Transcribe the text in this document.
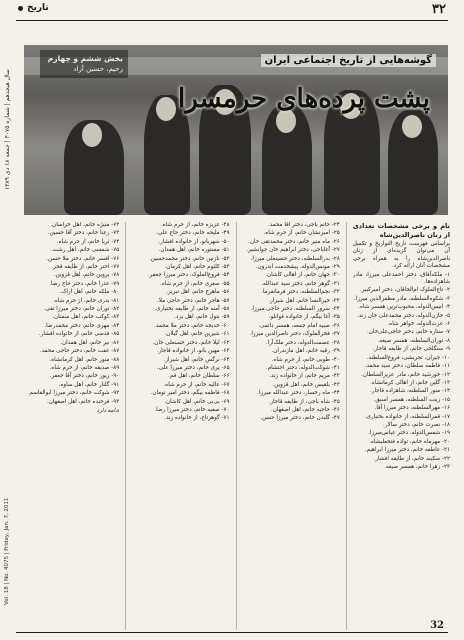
تاریخ	۳۲
سال هیجدهم | شماره ۴۰۷۵ | جمعه ۱۸ دی ۱۳۸۹
گوشه‌هایی از تاریخ اجتماعی ایران
پشت پرده‌های حرمسرا
بخش ششم و چهارم
رحیم، حسین آزاد
نام و برخی مشخصات تعدادی از زنان ناصرالدین‌شاه

براساس فهرست تاریخ التواریخ و تکمیل آن می‌توان گزیده‌ای از زنان ناصرالدین‌شاه را به همراه برخی مشخصات آنان ارائه کرد.

۱- ملکه‌آفاق، دختر احمدعلی میرزا، مادر شاهزاده‌ها.

۲- تاج‌الملوک ام‌الخاقان، دختر امیرکبیر.

۳- شکوه‌السلطنه، مادر مظفرالدین میرزا.

۴- انیس‌الدوله، محبوب‌ترین همسر شاه.

۵- خازن‌الدوله، دختر محمدعلی خان زند.

۶- عزت‌الدوله، خواهر شاه.

۷- ستاره خانم، دختر حاجی‌علی‌خان.

۸- توران‌السلطنه، همسر صیغه.

۹- سنگلجی خانم، از طایفه قاجار.

۱۰- جیران، تجریشی، فروغ‌السلطنه.

۱۱- فاطمه سلطان، دختر سید محمد.

۱۲- خورشید خانم، مادر عزیزالسلطان.

۱۳- گلین خانم، از اهالی کرمانشاه.

۱۴- منور السلطنه، شاهزاده قاجار.

۱۵- زینت السلطنه، همسر اسبق.

۱۶- مهرالسلطنه، دختر میرزا آقا.

۱۷- قمرالسلطنه، از خانواده بختیاری.

۱۸- نصرت خانم، دختر سالار.

۱۹- شمس‌الدوله، دختر عباس‌میرزا.

۲۰- مهرماه خانم، نواده فتحعلیشاه.

۲۱- عاطفه خانم، دختر میرزا ابراهیم.

۲۲- سکینه خانم، از طایفه افشار.

۲۳- زهرا خانم، همسر صیغه.

۲۴- خانم باجی، دختر آقا محمد.

۲۵- امیرنشان خانم، از حرم شاه.

۲۶- ماه منیر خانم، دختر محمدتقی خان.

۲۷- آغاباجی، دختر ابراهیم خان جوانشیر.

۲۸- بدرالسلطنه، دختر حسینعلی میرزا.

۲۹- مونس‌الدوله، پیشخدمت اندرون.

۳۰- جهان خانم، از اهالی کاشان.

۳۱- گوهر خانم، دختر سید عبدالله.

۳۲- نجم‌السلطنه، دختر فرمانفرما.

۳۳- خیرالنسا خانم، اهل شیراز.

۳۴- سرور السلطنه، دختر حاجی میرزا.

۳۵- آغا بیگم، از خانواده قوانلو.

۳۶- صبیه امام جمعه، همسر دائمی.

۳۷- فخرالملوک، دختر ناصرالدین میرزا.

۳۸- عصمت‌الدوله، دختر ملک‌آرا.

۳۹- رقیه خانم، اهل مازندران.

۴۰- طوبی خانم، از حرم شاه.

۴۱- شوکت‌الدوله، دختر احتشام.

۴۲- مریم خانم، از خانواده زند.

۴۳- بلقیس خانم، اهل قزوین.

۴۴- ماه رخسار، دختر عبدالله میرزا.

۴۵- شاه باجی، از طایفه قاجار.

۴۶- حاجیه خانم، اهل اصفهان.

۴۷- گلبدن خانم، دختر میرزا حسن.

۴۸- عزیزه خانم، از حرم شاه.

۴۹- ملیحه خانم، دختر حاج علی.

۵۰- شهربانو، از خانواده افشار.

۵۱- مستوره خانم، اهل همدان.

۵۲- نازنین خانم، دختر محمدحسین.

۵۳- کلثوم خانم، اهل کرمان.

۵۴- فروغ‌الملوک، دختر میرزا جعفر.

۵۵- صغری خانم، از حرم شاه.

۵۶- ماهرخ خانم، اهل تبریز.

۵۷- هاجر خانم، دختر حاجی ملا.

۵۸- آمنه خانم، از طایفه بختیاری.

۵۹- بتول خانم، اهل یزد.

۶۰- خدیجه خانم، دختر ملا محمد.

۶۱- شیرین خانم، اهل گیلان.

۶۲- لیلا خانم، دختر حسنعلی خان.

۶۳- مهین بانو، از خانواده قاجار.

۶۴- نرگس خانم، اهل شیراز.

۶۵- پری خانم، دختر میرزا علی.

۶۶- سلطان خانم، اهل قم.

۶۷- عالیه خانم، از حرم شاه.

۶۸- فاطمه بیگم، دختر امیر تومان.

۶۹- بی‌بی خانم، اهل کاشان.

۷۰- صفیه خانم، دختر میرزا رضا.

۷۱- گوهرتاج، از خانواده زند.

۷۲- منیژه خانم، اهل خراسان.

۷۳- رعنا خانم، دختر آقا حسین.

۷۴- ثریا خانم، از حرم شاه.

۷۵- شمسی خانم، اهل رشت.

۷۶- افسر خانم، دختر ملا حسن.

۷۷- اختر خانم، از طایفه قجر.

۷۸- پروین خانم، اهل قزوین.

۷۹- عذرا خانم، دختر حاج رضا.

۸۰- ملکه خانم، اهل اراک.

۸۱- بدری خانم، از حرم شاه.

۸۲- توران خانم، دختر میرزا تقی.

۸۳- کوکب خانم، اهل سمنان.

۸۴- مهری خانم، دختر محمدرضا.

۸۵- قدسی خانم، از خانواده افشار.

۸۶- نیر خانم، اهل همدان.

۸۷- عفت خانم، دختر حاجی محمد.

۸۸- منور خانم، اهل کرمانشاه.

۸۹- صدیقه خانم، از حرم شاه.

۹۰- زیور خانم، دختر آقا جعفر.

۹۱- گلنار خانم، اهل ساوه.

۹۲- شوکت خانم، دختر میرزا ابوالقاسم.

۹۳- فرخنده خانم، اهل اصفهان.

ادامه دارد
32
Vol. 18 | No. 4075 | Friday, Jan. 7, 2011
